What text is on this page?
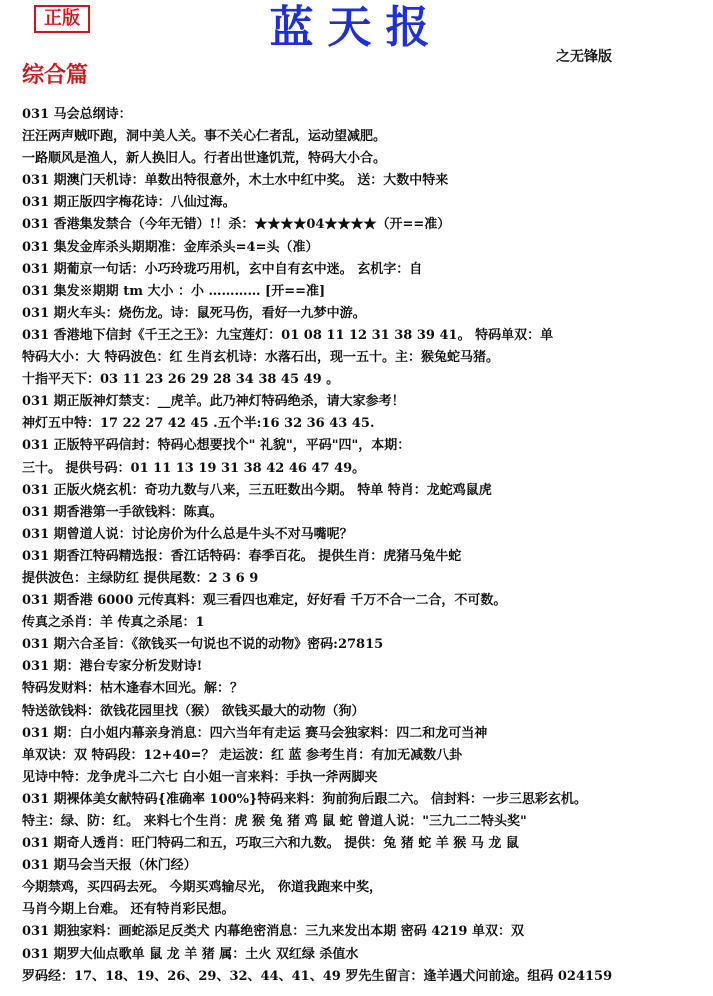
正版	蓝天报
之无锋版
综合篇
031 马会总纲诗：
汪汪两声贼吓跑，洞中美人关。事不关心仁者乱，运动望减肥。
一路顺风是渔人，新人换旧人。行者出世逢饥荒，特码大小合。
031 期澳门天机诗：单数出特很意外，木土水中红中奖。 送：大数中特来
031 期正版四字梅花诗：八仙过海。
031 香港集发禁合（今年无错）!！杀：★★★★04★★★★（开==准）
031 集发金库杀头期期准：金库杀头=4=头（准）
031 期葡京一句话：小巧玲珑巧用机，玄中自有玄中迷。 玄机字：自
031 集发※期期 tm 大小 ：小 ………… [开==准]
031 期火车头：烧伤龙。诗：鼠死马伤，看好一九梦中游。
031 香港地下信封《千王之王》：九宝莲灯：01 08 11 12 31 38 39 41。 特码单双：单
特码大小：大 特码波色：红 生肖玄机诗：水落石出，现一五十。主：猴兔蛇马猪。
十指平天下：03 11 23 26 29 28 34 38 45 49 。
031 期正版神灯禁支：__虎羊。此乃神灯特码绝杀，请大家参考！
神灯五中特：17 22 27 42 45 .五个半:16 32 36 43 45.
031 正版特平码信封：特码心想要找个" 礼貌"，平码"四"，本期：
三十。 提供号码：01 11 13 19 31 38 42 46 47 49。
031 正版火烧玄机：奇功九数与八来，三五旺数出今期。 特单 特肖：龙蛇鸡鼠虎
031 期香港第一手欲钱料：陈真。
031 期曾道人说：讨论房价为什么总是牛头不对马嘴呢？
031 期香江特码精选报：香江话特码：春季百花。 提供生肖：虎猪马兔牛蛇
提供波色：主绿防红 提供尾数：2 3 6 9
031 期香港 6000 元传真料：观三看四也难定，好好看 千万不合一二合，不可数。
传真之杀肖：羊 传真之杀尾：1
031 期六合圣旨：《欲钱买一句说也不说的动物》密码:27815
031 期：港台专家分析发财诗!
特码发财料：枯木逢春木回光。解：？
特送欲钱料：欲钱花园里找（猴） 欲钱买最大的动物（狗）
031 期：白小姐内幕亲身消息：四六当年有走运 赛马会独家料：四二和龙可当神
单双诀：双 特码段：12+40=？ 走运波：红 蓝 参考生肖：有加无减数八卦
见诗中特：龙争虎斗二六七 白小姐一言来料：手执一斧两脚夹
031 期裸体美女献特码{准确率 100%}特码来料：狗前狗后跟二六。 信封料：一步三思彩玄机。
特主：绿、防：红。 来料七个生肖：虎 猴 兔 猪 鸡 鼠 蛇 曾道人说："三九二二特头奖"
031 期奇人透肖：旺门特码二和五，巧取三六和九数。 提供：兔 猪 蛇 羊 猴 马 龙 鼠
031 期马会当天报（休门经）
今期禁鸡，买四码去死。 今期买鸡输尽光， 你道我跑来中奖，
马肖今期上台难。 还有特肖彩民想。
031 期独家料：画蛇添足反类犬 内幕绝密消息：三九来发出本期 密码 4219 单双：双
031 期罗大仙点歌单 鼠 龙 羊 猪 属：土火 双红绿 杀值水
罗码经：17、18、19、26、29、32、44、41、49 罗先生留言：逢羊遇犬问前途。组码 024159
